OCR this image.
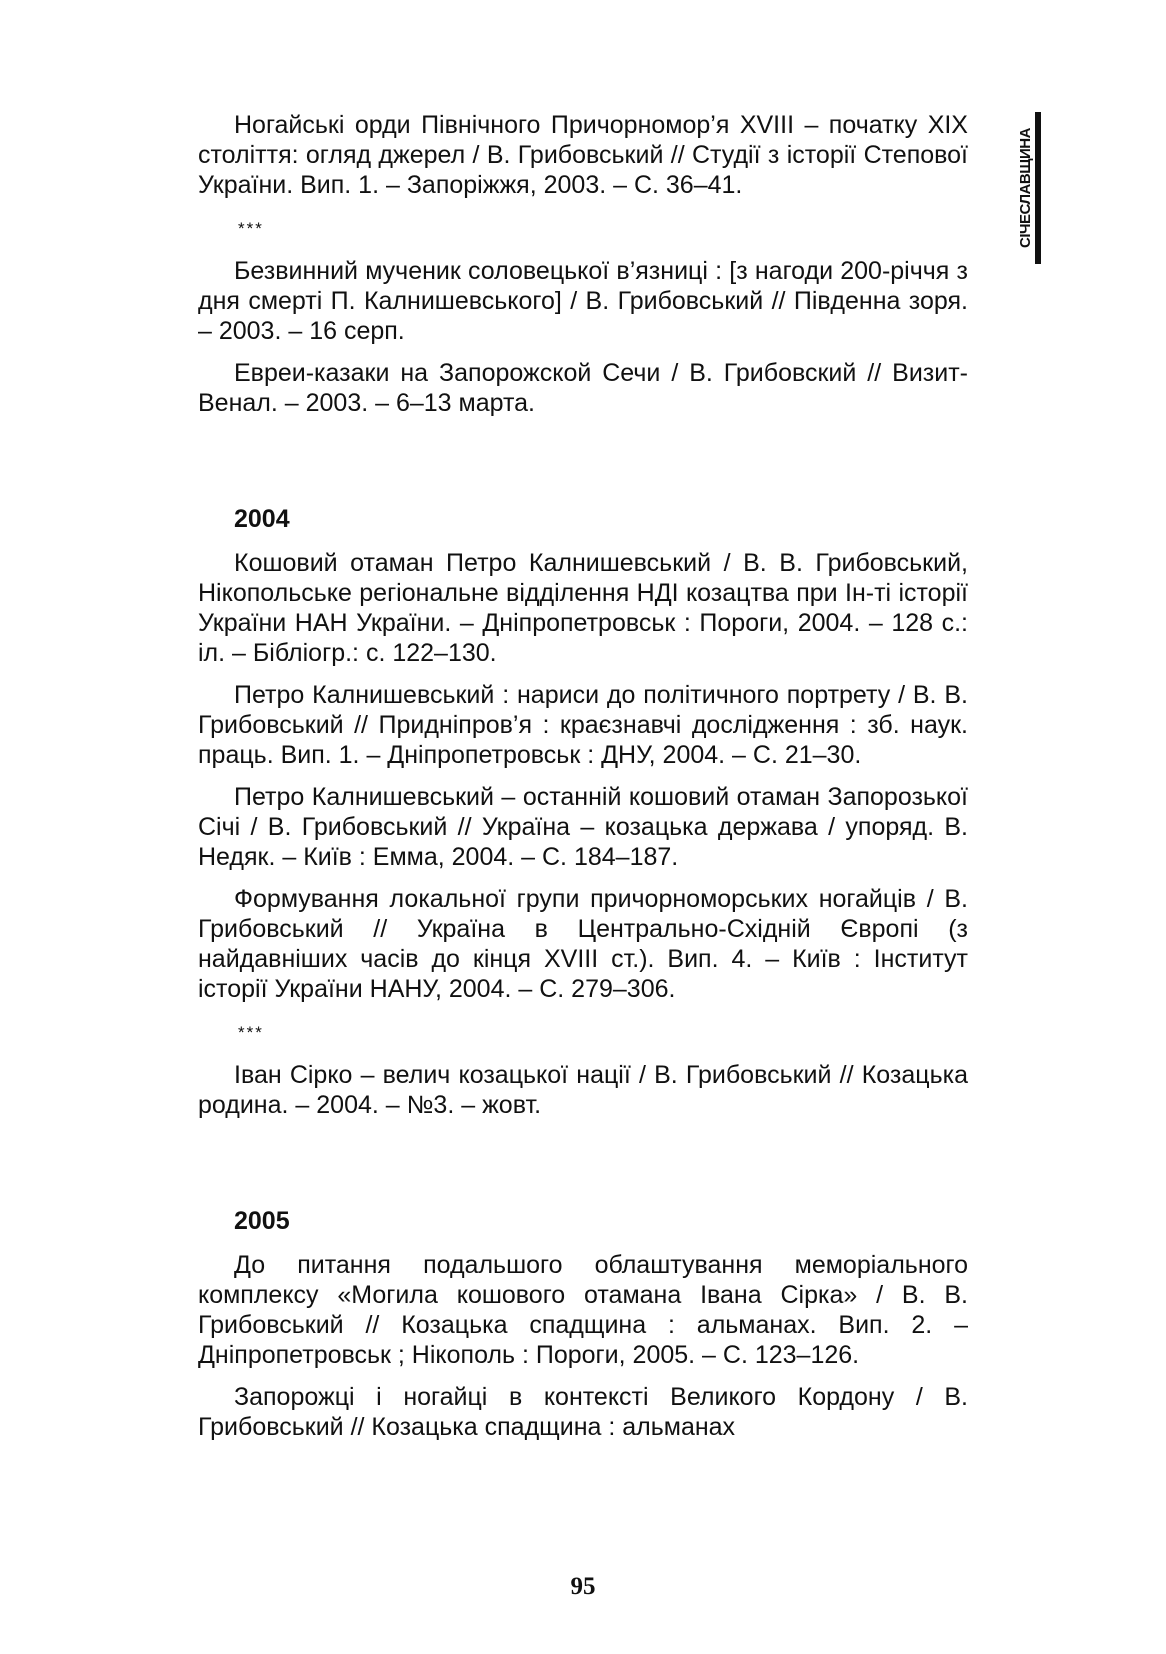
СІЧЕСЛАВЩИНА
Ногайські орди Північного Причорномор’я XVIII – початку XIX століття: огляд джерел / В. Грибовський // Студії з історії Степової України. Вип. 1. – Запоріжжя, 2003. – С. 36–41.
***
Безвинний мученик соловецької в’язниці : [з нагоди 200-річчя з дня смерті П. Калнишевського] / В. Грибовський // Південна зоря. – 2003. – 16 серп.
Евреи-казаки на Запорожской Сечи / В. Грибовский // Визит-Венал. – 2003. – 6–13 марта.
2004
Кошовий отаман Петро Калнишевський / В. В. Грибовський, Нікопольське регіональне відділення НДІ козацтва при Ін-ті історії України НАН України. – Дніпропетровськ : Пороги, 2004. – 128 с.: іл. – Бібліогр.: с. 122–130.
Петро Калнишевський : нариси до політичного портрету / В. В. Грибовський // Придніпров’я : краєзнавчі дослідження : зб. наук. праць. Вип. 1. – Дніпропетровськ : ДНУ, 2004. – С. 21–30.
Петро Калнишевський – останній кошовий отаман Запорозької Січі / В. Грибовський // Україна – козацька держава / упоряд. В. Недяк. – Київ : Емма, 2004. – С. 184–187.
Формування локальної групи причорноморських ногайців / В. Грибовський // Україна в Центрально-Східній Європі (з найдавніших часів до кінця XVIII ст.). Вип. 4. – Київ : Інститут історії України НАНУ, 2004. – С. 279–306.
***
Іван Сірко – велич козацької нації / В. Грибовський // Козацька родина. – 2004. – №3. – жовт.
2005
До питання подальшого облаштування меморіального комплексу «Могила кошового отамана Івана Сірка» / В. В. Грибовський // Козацька спадщина : альманах. Вип. 2. – Дніпропетровськ ; Нікополь : Пороги, 2005. – С. 123–126.
Запорожці і ногайці в контексті Великого Кордону / В. Грибовський // Козацька спадщина : альманах
95
